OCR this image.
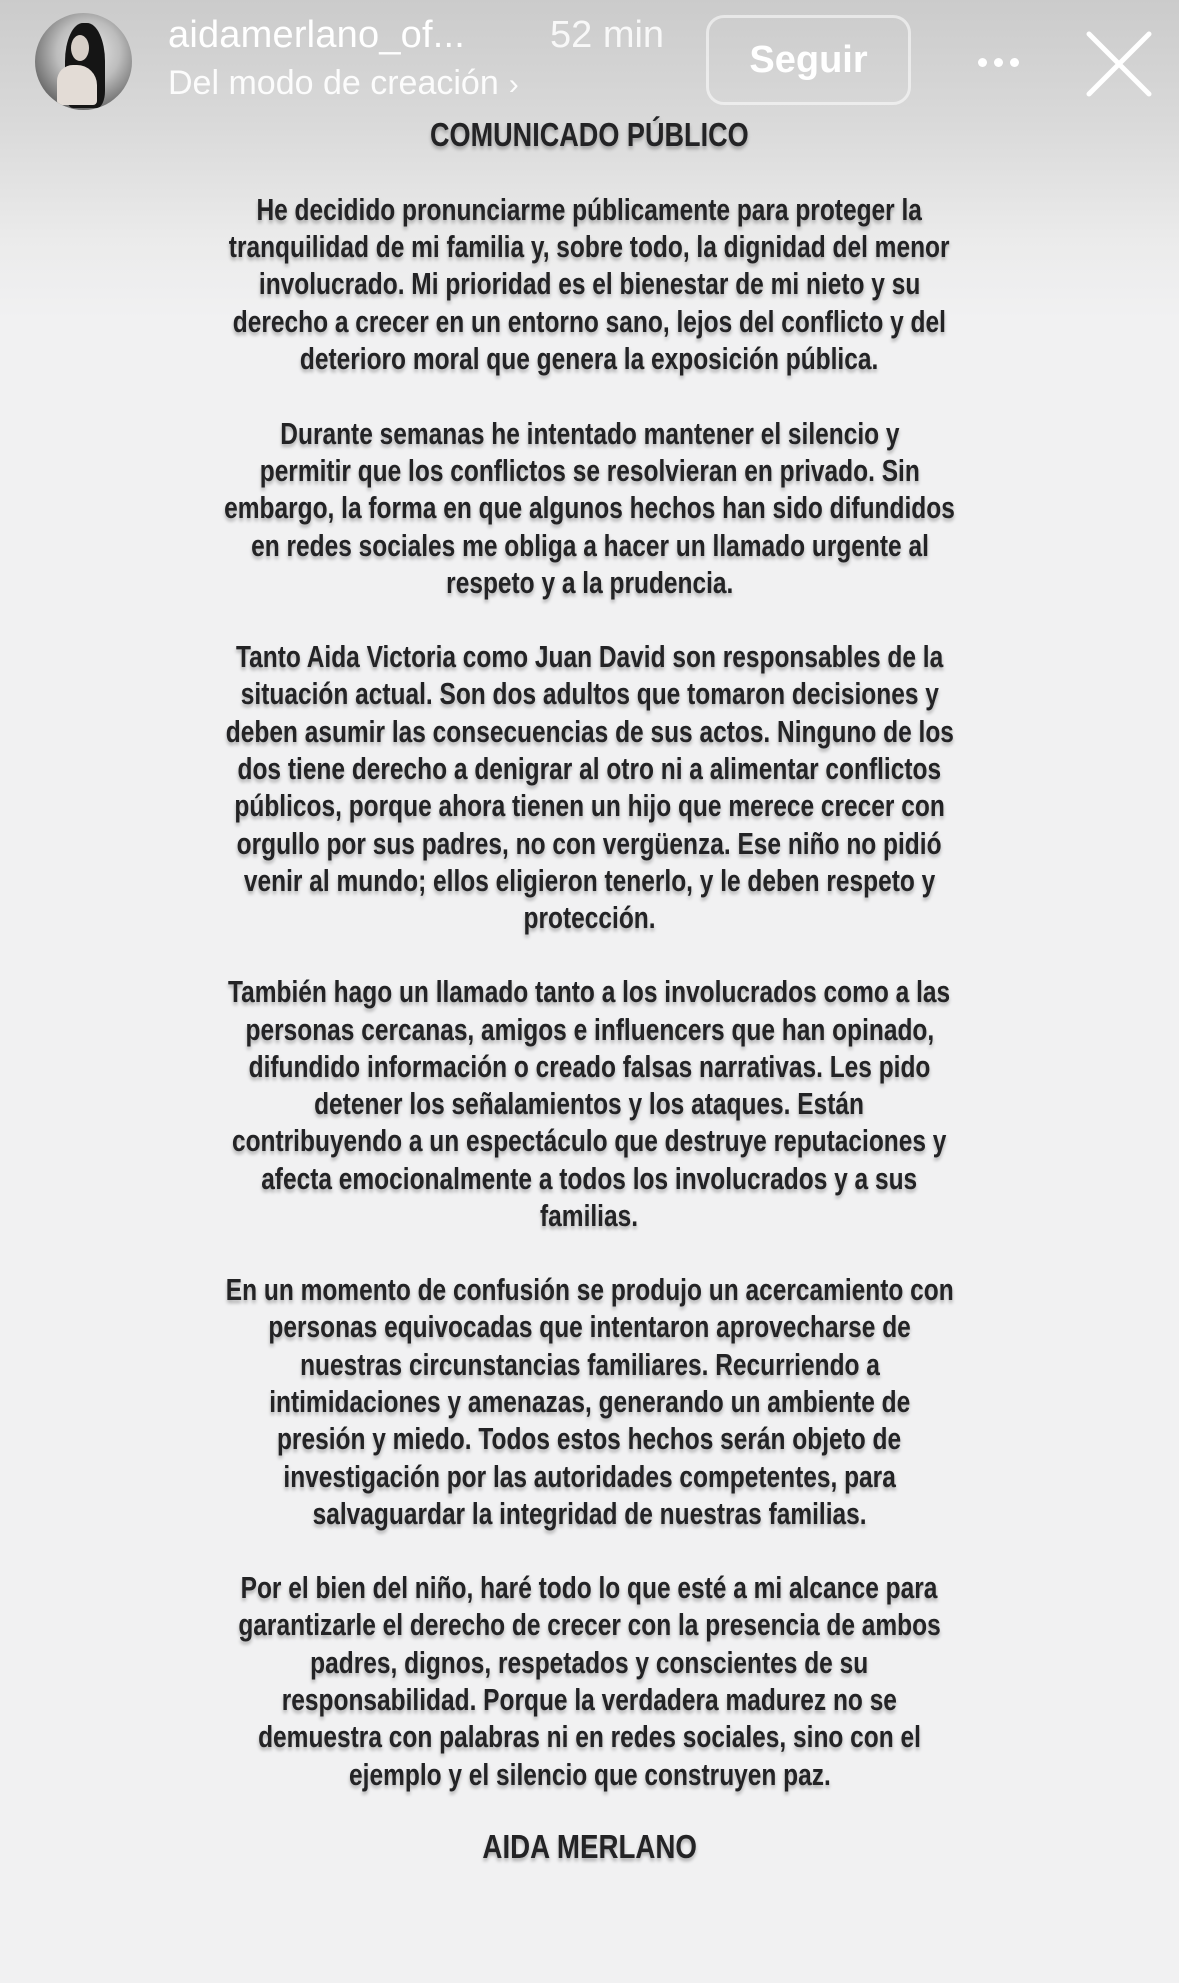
aidamerlano_of... 52 min
Del modo de creación ›
Seguir
COMUNICADO PÚBLICO
He decidido pronunciarme públicamente para proteger la
tranquilidad de mi familia y, sobre todo, la dignidad del menor
involucrado. Mi prioridad es el bienestar de mi nieto y su
derecho a crecer en un entorno sano, lejos del conflicto y del
deterioro moral que genera la exposición pública.
Durante semanas he intentado mantener el silencio y
permitir que los conflictos se resolvieran en privado. Sin
embargo, la forma en que algunos hechos han sido difundidos
en redes sociales me obliga a hacer un llamado urgente al
respeto y a la prudencia.
Tanto Aida Victoria como Juan David son responsables de la
situación actual. Son dos adultos que tomaron decisiones y
deben asumir las consecuencias de sus actos. Ninguno de los
dos tiene derecho a denigrar al otro ni a alimentar conflictos
públicos, porque ahora tienen un hijo que merece crecer con
orgullo por sus padres, no con vergüenza. Ese niño no pidió
venir al mundo; ellos eligieron tenerlo, y le deben respeto y
protección.
También hago un llamado tanto a los involucrados como a las
personas cercanas, amigos e influencers que han opinado,
difundido información o creado falsas narrativas. Les pido
detener los señalamientos y los ataques. Están
contribuyendo a un espectáculo que destruye reputaciones y
afecta emocionalmente a todos los involucrados y a sus
familias.
En un momento de confusión se produjo un acercamiento con
personas equivocadas que intentaron aprovecharse de
nuestras circunstancias familiares. Recurriendo a
intimidaciones y amenazas, generando un ambiente de
presión y miedo. Todos estos hechos serán objeto de
investigación por las autoridades competentes, para
salvaguardar la integridad de nuestras familias.
Por el bien del niño, haré todo lo que esté a mi alcance para
garantizarle el derecho de crecer con la presencia de ambos
padres, dignos, respetados y conscientes de su
responsabilidad. Porque la verdadera madurez no se
demuestra con palabras ni en redes sociales, sino con el
ejemplo y el silencio que construyen paz.
AIDA MERLANO
